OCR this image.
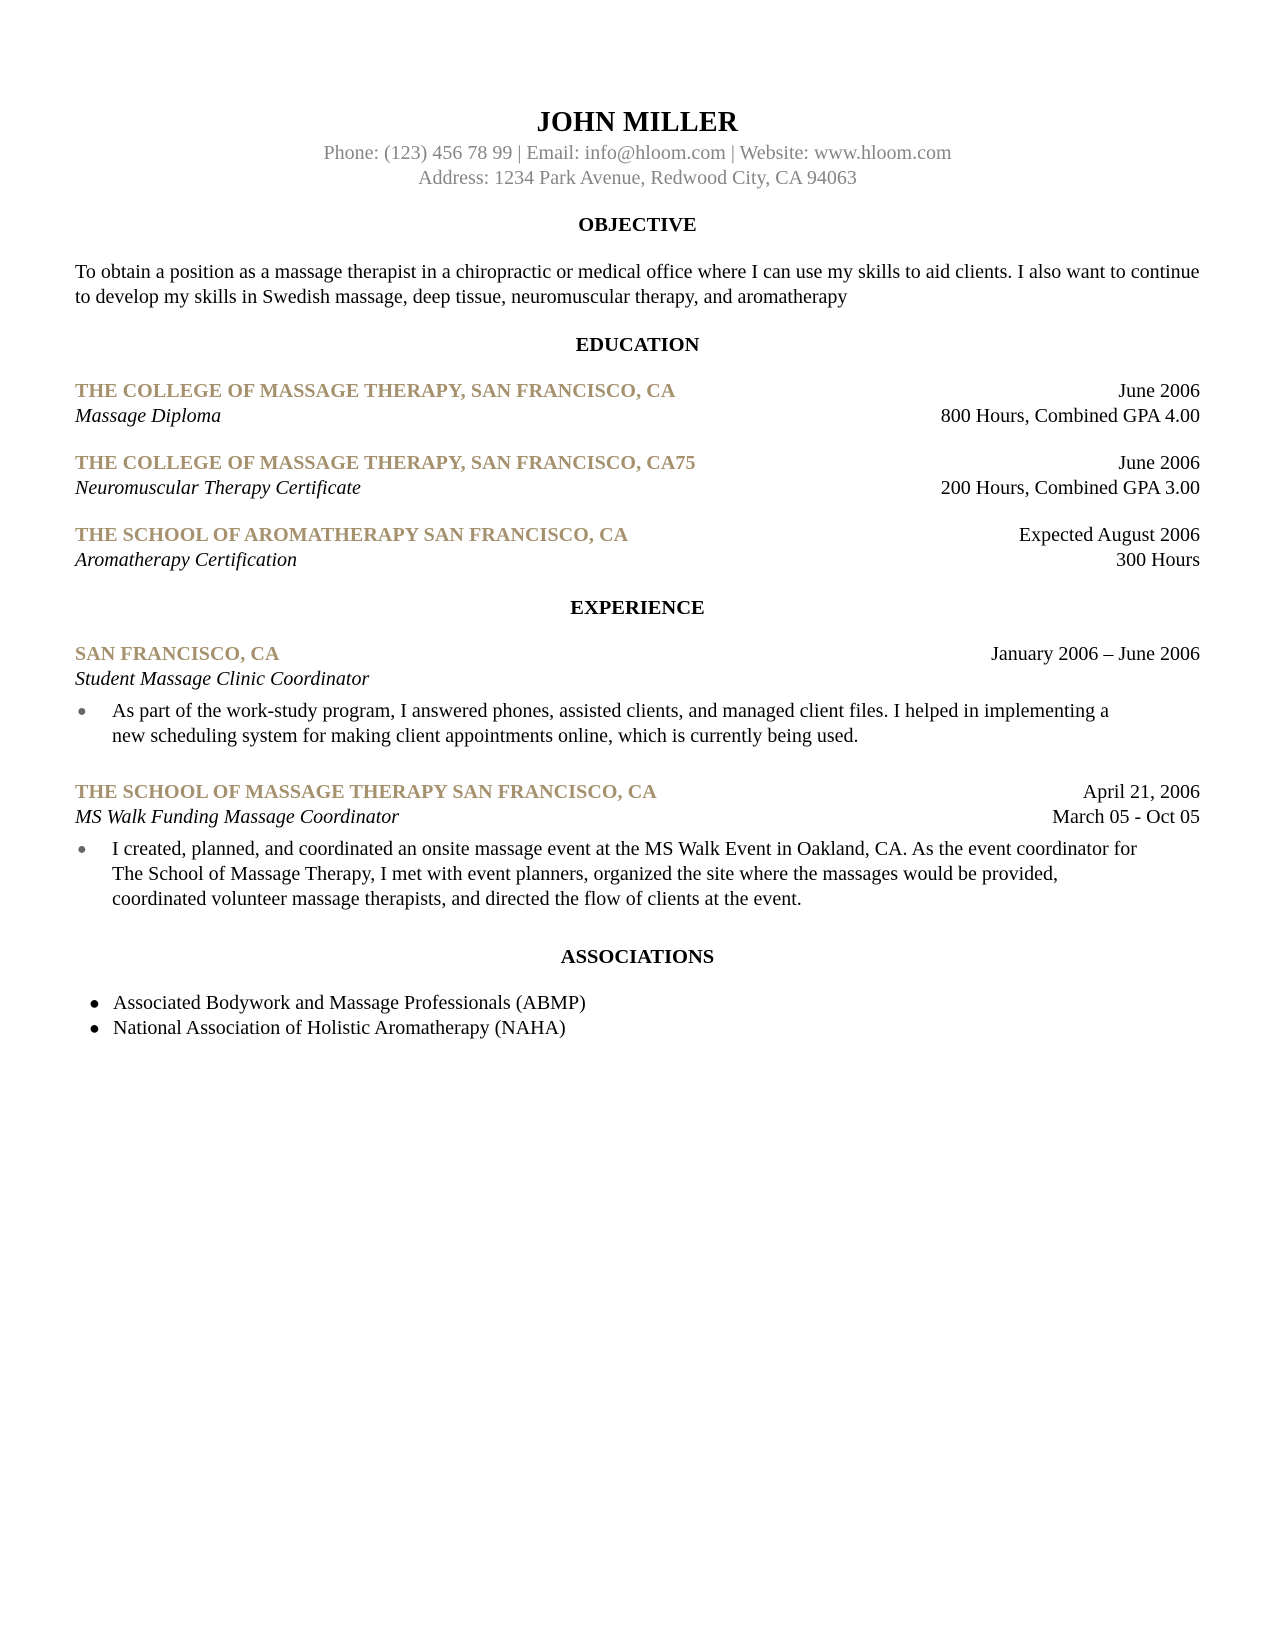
JOHN MILLER
Phone: (123) 456 78 99 | Email: info@hloom.com | Website: www.hloom.com
Address: 1234 Park Avenue, Redwood City, CA 94063
OBJECTIVE
To obtain a position as a massage therapist in a chiropractic or medical office where I can use my skills to aid clients. I also want to continue to develop my skills in Swedish massage, deep tissue, neuromuscular therapy, and aromatherapy
EDUCATION
THE COLLEGE OF MASSAGE THERAPY, SAN FRANCISCO, CA	June 2006
Massage Diploma	800 Hours, Combined GPA 4.00
THE COLLEGE OF MASSAGE THERAPY, SAN FRANCISCO, CA75	June 2006
Neuromuscular Therapy Certificate	200 Hours, Combined GPA 3.00
THE SCHOOL OF AROMATHERAPY SAN FRANCISCO, CA	Expected August 2006
Aromatherapy Certification	300 Hours
EXPERIENCE
SAN FRANCISCO, CA	January 2006 – June 2006
Student Massage Clinic Coordinator
● As part of the work-study program, I answered phones, assisted clients, and managed client files. I helped in implementing a new scheduling system for making client appointments online, which is currently being used.
THE SCHOOL OF MASSAGE THERAPY SAN FRANCISCO, CA	April 21, 2006
MS Walk Funding Massage Coordinator	March 05 - Oct 05
● I created, planned, and coordinated an onsite massage event at the MS Walk Event in Oakland, CA. As the event coordinator for The School of Massage Therapy, I met with event planners, organized the site where the massages would be provided, coordinated volunteer massage therapists, and directed the flow of clients at the event.
ASSOCIATIONS
● Associated Bodywork and Massage Professionals (ABMP)
● National Association of Holistic Aromatherapy (NAHA)
